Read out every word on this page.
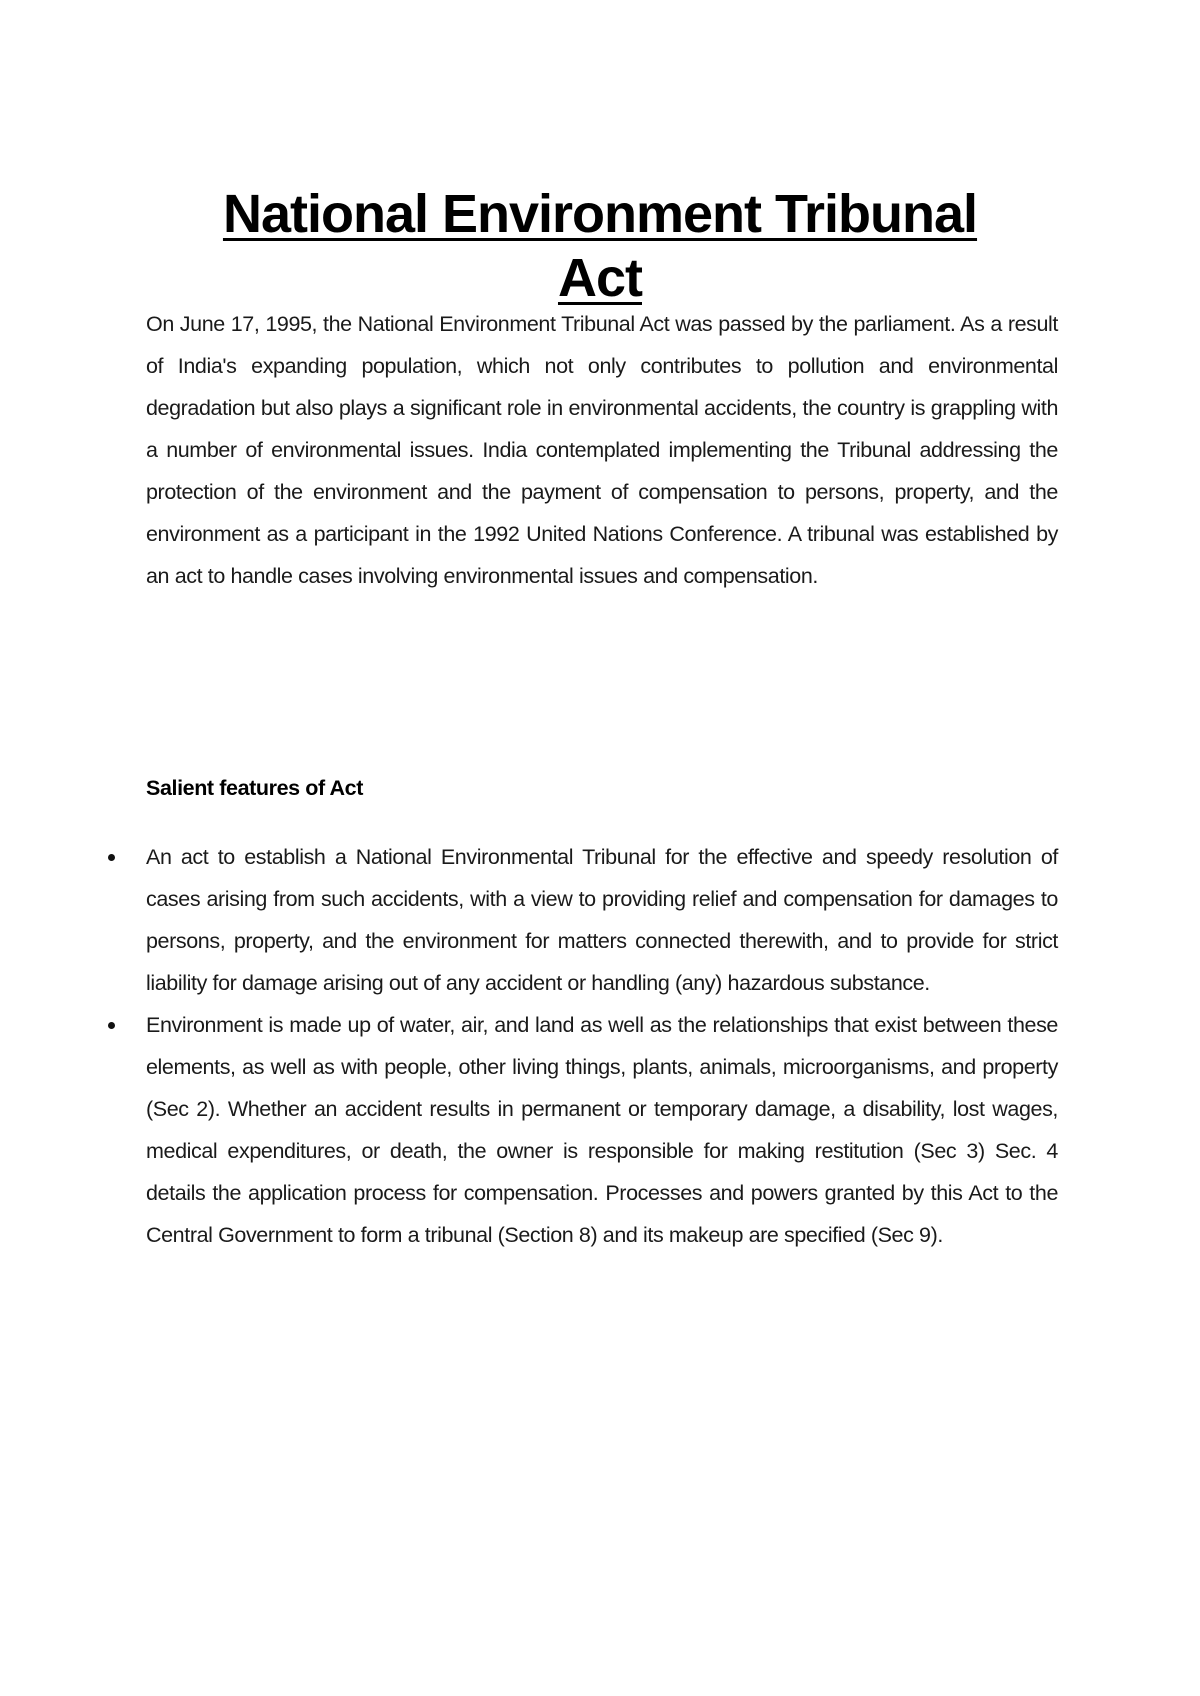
National Environment Tribunal
Act

On June 17, 1995, the National Environment Tribunal Act was passed by the parliament. As a result of India's expanding population, which not only contributes to pollution and environmental degradation but also plays a significant role in environmental accidents, the country is grappling with a number of environmental issues. India contemplated implementing the Tribunal addressing the protection of the environment and the payment of compensation to persons, property, and the environment as a participant in the 1992 United Nations Conference. A tribunal was established by an act to handle cases involving environmental issues and compensation.

Salient features of Act
An act to establish a National Environmental Tribunal for the effective and speedy resolution of cases arising from such accidents, with a view to providing relief and compensation for damages to persons, property, and the environment for matters connected therewith, and to provide for strict liability for damage arising out of any accident or handling (any) hazardous substance.
Environment is made up of water, air, and land as well as the relationships that exist between these elements, as well as with people, other living things, plants, animals, microorganisms, and property (Sec 2). Whether an accident results in permanent or temporary damage, a disability, lost wages, medical expenditures, or death, the owner is responsible for making restitution (Sec 3) Sec. 4 details the application process for compensation. Processes and powers granted by this Act to the Central Government to form a tribunal (Section 8) and its makeup are specified (Sec 9).
